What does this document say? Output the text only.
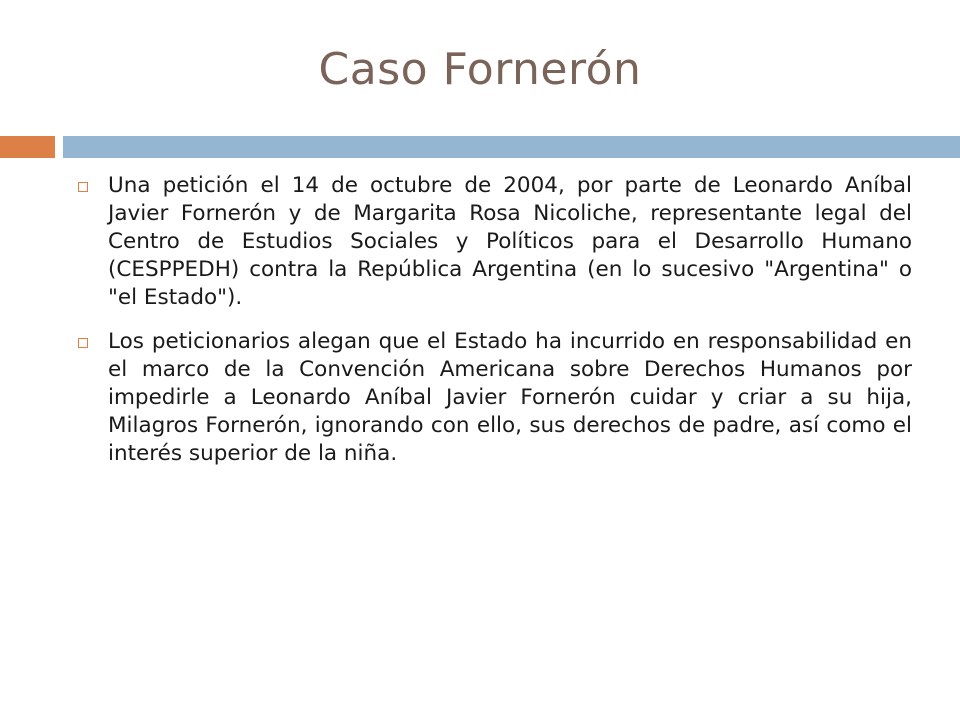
Caso Fornerón
Una petición el 14 de octubre de 2004, por parte de Leonardo Aníbal Javier Fornerón y de Margarita Rosa Nicoliche, representante legal del Centro de Estudios Sociales y Políticos para el Desarrollo Humano (CESPPEDH) contra la República Argentina (en lo sucesivo "Argentina" o "el Estado").
Los peticionarios alegan que el Estado ha incurrido en responsabilidad en el marco de la Convención Americana sobre Derechos Humanos por impedirle a Leonardo Aníbal Javier Fornerón cuidar y criar a su hija, Milagros Fornerón, ignorando con ello, sus derechos de padre, así como el interés superior de la niña.
